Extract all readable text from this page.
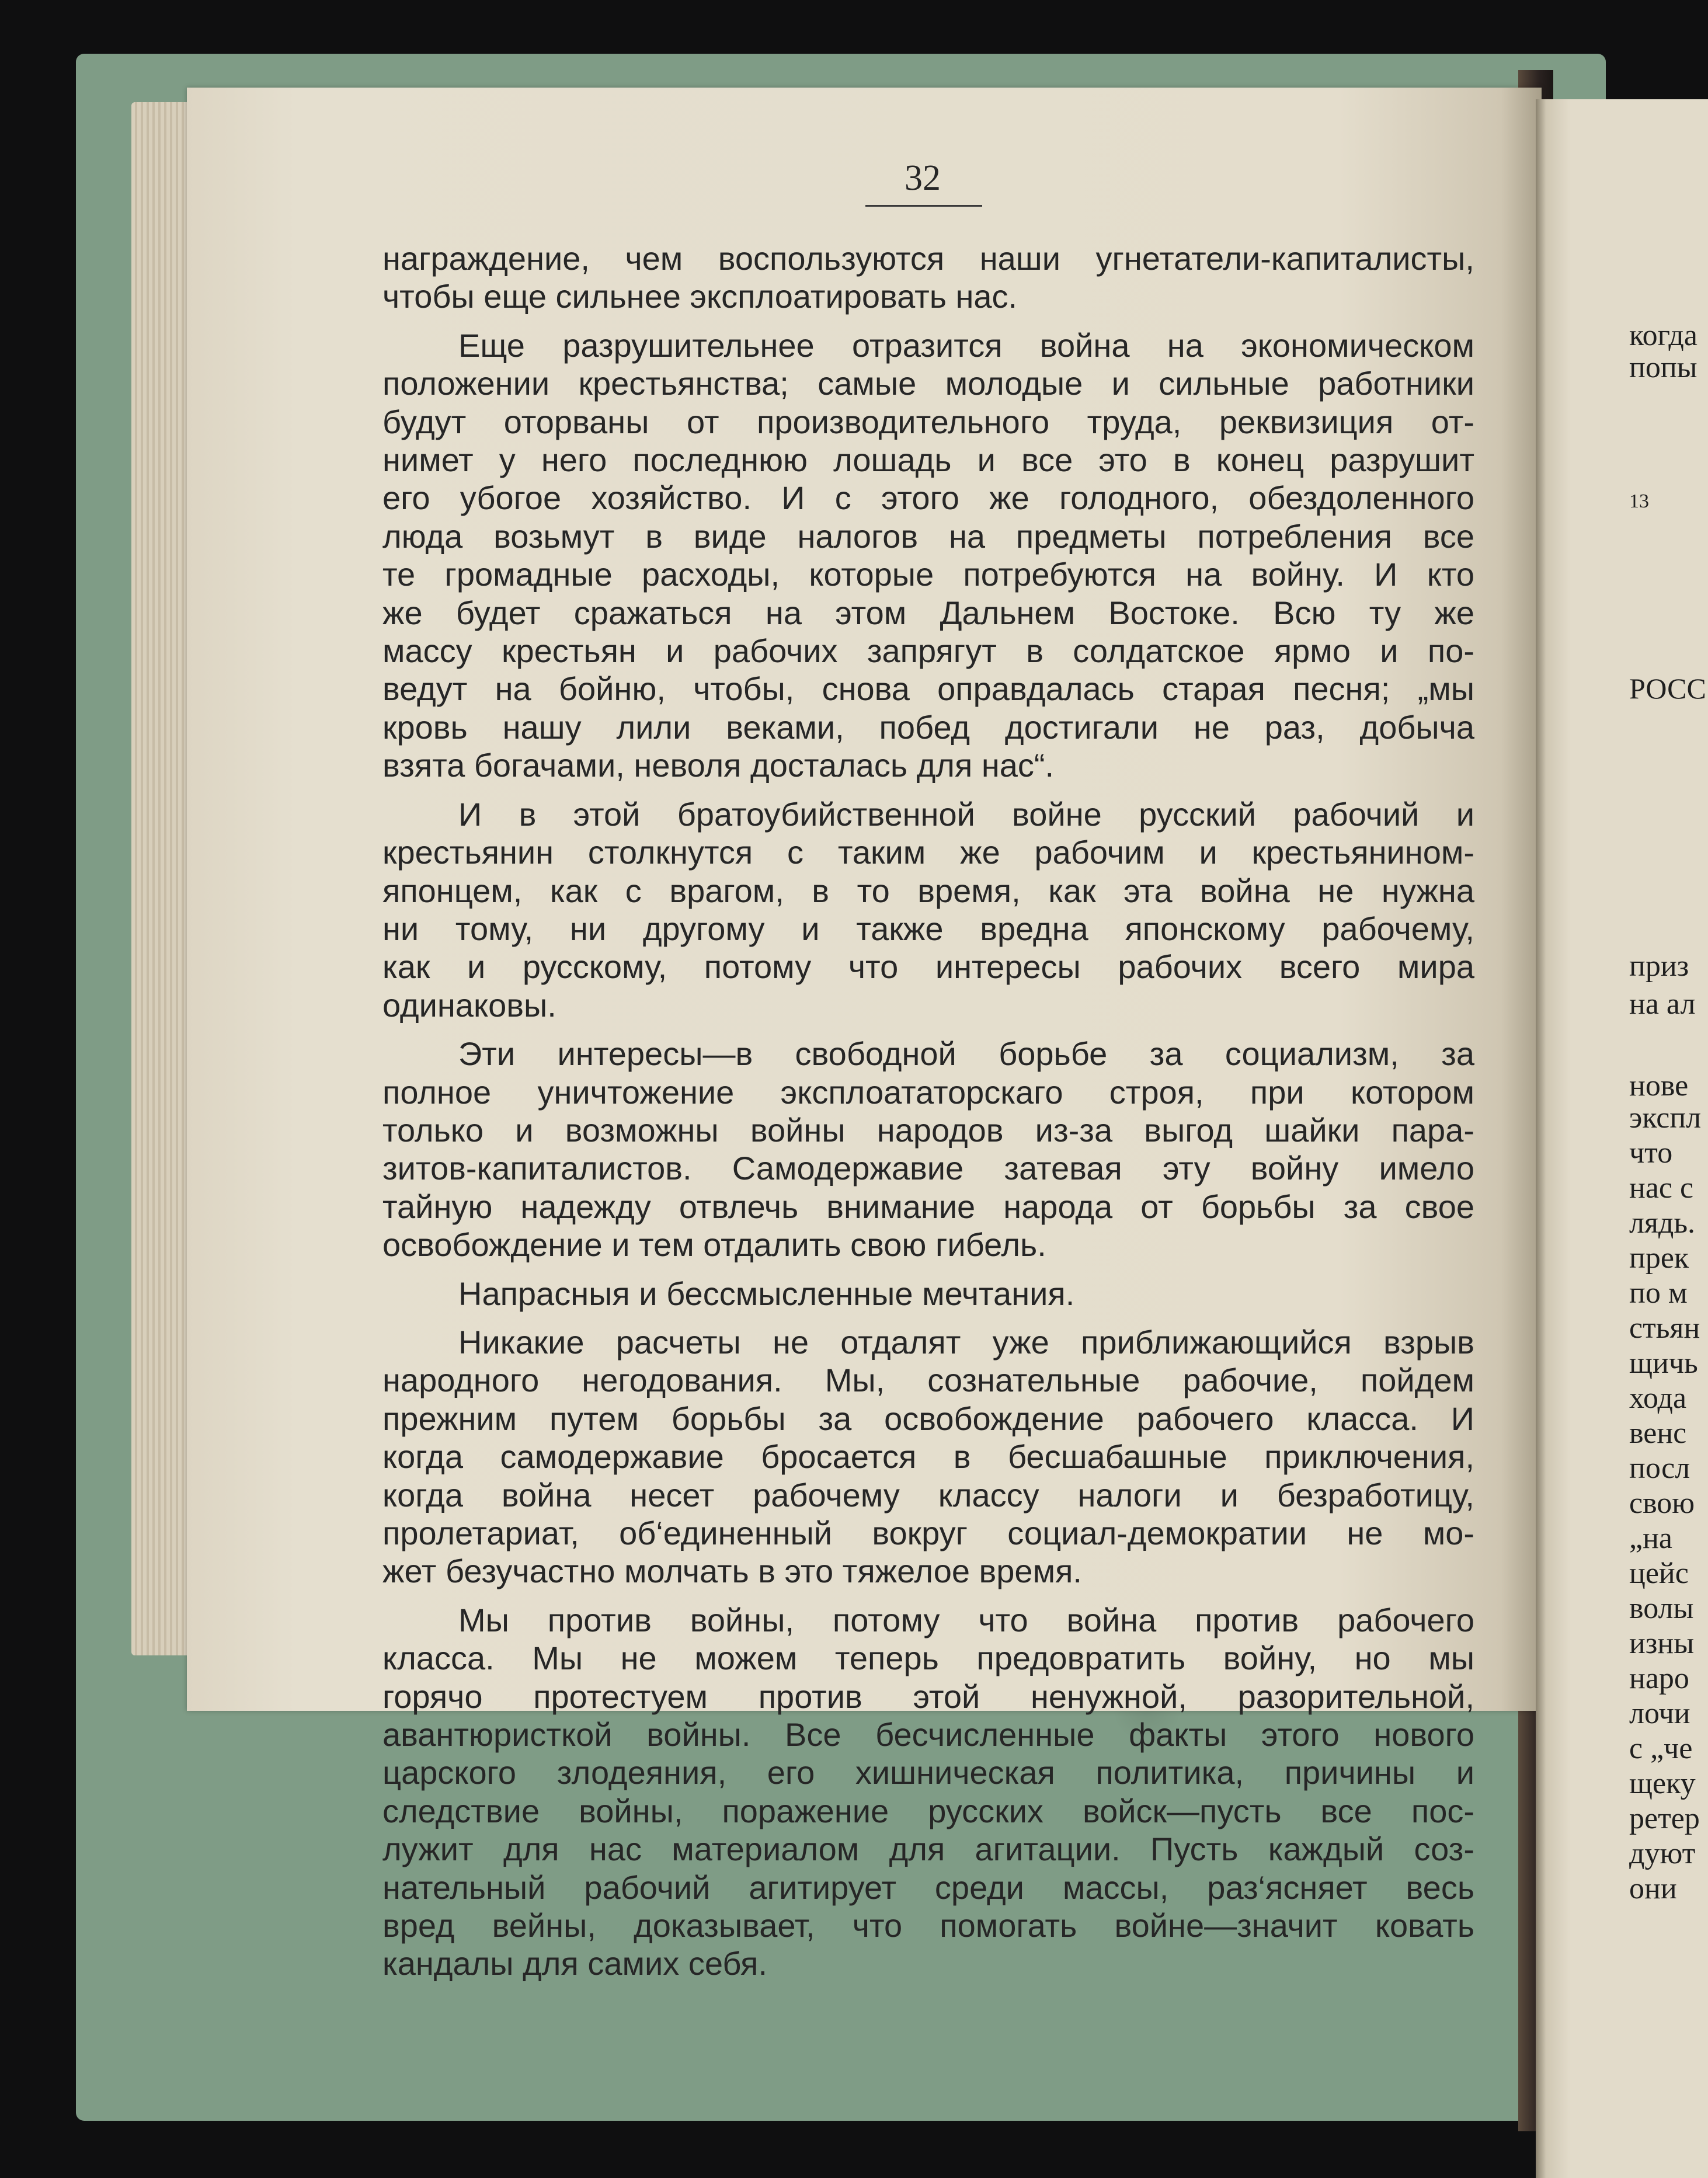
32
награждение, чем воспользуются наши угнетатели-капиталисты,
чтобы еще сильнее эксплоатировать нас.
Еще разрушительнее отразится война на экономическом
положении крестьянства; самые молодые и сильные работники
будут оторваны от производительного труда, реквизиция от-
нимет у него последнюю лошадь и все это в конец разрушит
его убогое хозяйство. И с этого же голодного, обездоленного
люда возьмут в виде налогов на предметы потребления все
те громадные расходы, которые потребуются на войну. И кто
же будет сражаться на этом Дальнем Востоке. Всю ту же
массу крестьян и рабочих запрягут в солдатское ярмо и по-
ведут на бойню, чтобы, снова оправдалась старая песня; „мы
кровь нашу лили веками, побед достигали не раз, добыча
взята богачами, неволя досталась для нас“.
И в этой братоубийственной войне русский рабочий и
крестьянин столкнутся с таким же рабочим и крестьянином-
японцем, как с врагом, в то время, как эта война не нужна
ни тому, ни другому и также вредна японскому рабочему,
как и русскому, потому что интересы рабочих всего мира
одинаковы.
Эти интересы—в свободной борьбе за социализм, за
полное уничтожение эксплоататорскаго строя, при котором
только и возможны войны народов из-за выгод шайки пара-
зитов-капиталистов. Самодержавие затевая эту войну имело
тайную надежду отвлечь внимание народа от борьбы за свое
освобождение и тем отдалить свою гибель.
Напрасныя и бессмысленные мечтания.
Никакие расчеты не отдалят уже приближающийся взрыв
народного негодования. Мы, сознательные рабочие, пойдем
прежним путем борьбы за освобождение рабочего класса. И
когда самодержавие бросается в бесшабашные приключения,
когда война несет рабочему классу налоги и безработицу,
пролетариат, об‘единенный вокруг социал-демократии не мо-
жет безучастно молчать в это тяжелое время.
Мы против войны, потому что война против рабочего
класса. Мы не можем теперь предовратить войну, но мы
горячо протестуем против этой ненужной, разорительной,
авантюристкой войны. Все бесчисленные факты этого нового
царского злодеяния, его хишническая политика, причины и
следствие войны, поражение русских войск—пусть все пос-
лужит для нас материалом для агитации. Пусть каждый соз-
нательный рабочий агитирует среди массы, раз‘ясняет весь
вред вейны, доказывает, что помогать войне—значит ковать
кандалы для самих себя.
13
РОСС
когда
попы
приз
на ал
нове
экспл
что
нас с
лядь.
прек
по м
стьян
щичь
хода
венс
посл
свою
„на
цейс
волы
изны
наро
лочи
с „че
щеку
ретер
дуют
они
